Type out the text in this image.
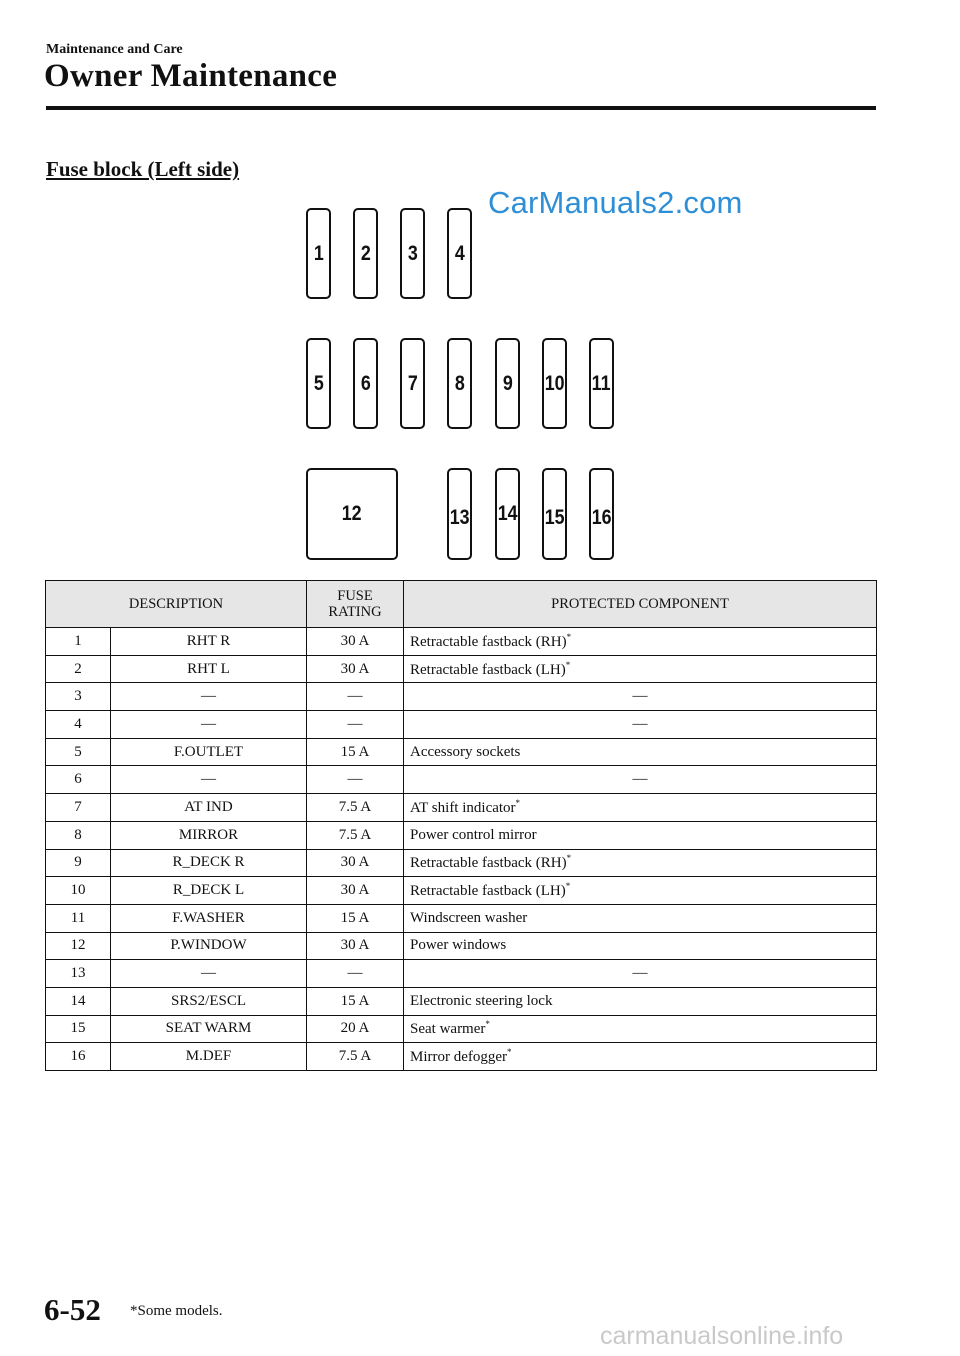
Maintenance and Care
Owner Maintenance
Fuse block (Left side)
CarManuals2.com
1 2 3 4
5 6 7 8 9 10 11
12	13 14 15 16
DESCRIPTION		FUSE
RATING	PROTECTED COMPONENT
1	RHT R	30 A	Retractable fastback (RH)*
2	RHT L	30 A	Retractable fastback (LH)*
3	—	—	—
4	—	—	—
5	F.OUTLET	15 A	Accessory sockets
6	—	—	—
7	AT IND	7.5 A	AT shift indicator*
8	MIRROR	7.5 A	Power control mirror
9	R_DECK R	30 A	Retractable fastback (RH)*
10	R_DECK L	30 A	Retractable fastback (LH)*
11	F.WASHER	15 A	Windscreen washer
12	P.WINDOW	30 A	Power windows
13	—	—	—
14	SRS2/ESCL	15 A	Electronic steering lock
15	SEAT WARM	20 A	Seat warmer*
16	M.DEF	7.5 A	Mirror defogger*
6-52 *Some models.
carmanualsonline.info
